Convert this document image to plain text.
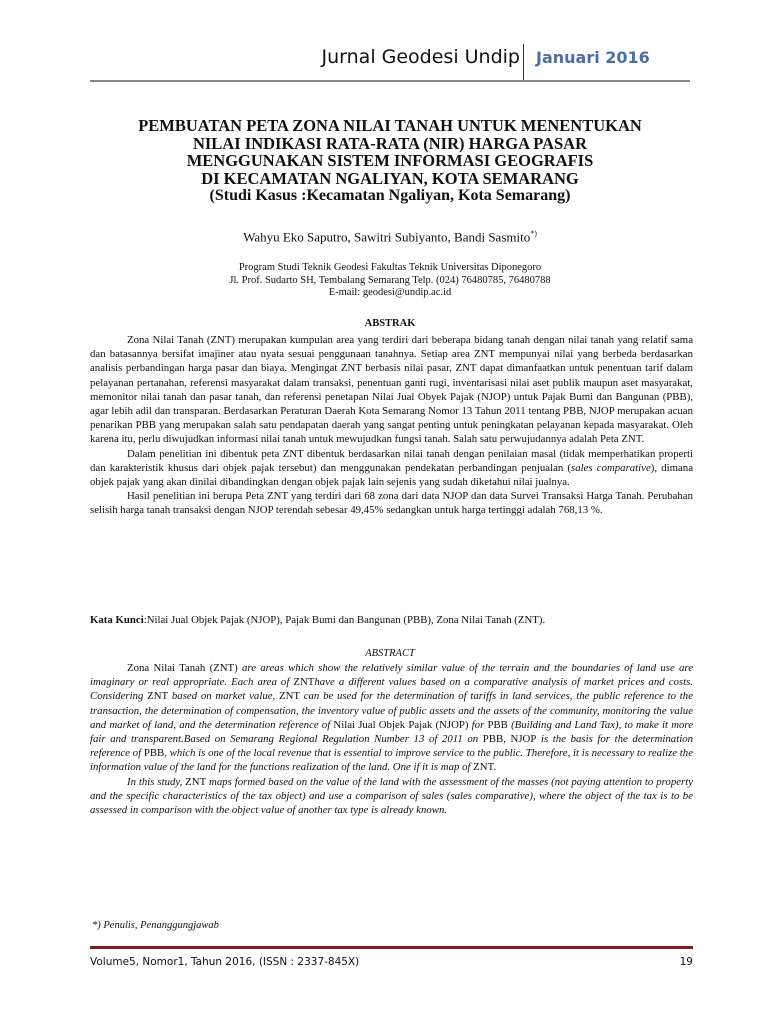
Jurnal Geodesi Undip Januari 2016
PEMBUATAN PETA ZONA NILAI TANAH UNTUK MENENTUKAN
NILAI INDIKASI RATA-RATA (NIR) HARGA PASAR
MENGGUNAKAN SISTEM INFORMASI GEOGRAFIS
DI KECAMATAN NGALIYAN, KOTA SEMARANG
(Studi Kasus :Kecamatan Ngaliyan, Kota Semarang)
Wahyu Eko Saputro, Sawitri Subiyanto, Bandi Sasmito*)
Program Studi Teknik Geodesi Fakultas Teknik Universitas Diponegoro
Jl. Prof. Sudarto SH, Tembalang Semarang Telp. (024) 76480785, 76480788
E-mail: geodesi@undip.ac.id
ABSTRAK

Zona Nilai Tanah (ZNT) merupakan kumpulan area yang terdiri dari beberapa bidang tanah dengan nilai tanah yang relatif sama dan batasannya bersifat imajiner atau nyata sesuai penggunaan tanahnya. Setiap area ZNT mempunyai nilai yang berbeda berdasarkan analisis perbandingan harga pasar dan biaya. Mengingat ZNT berbasis nilai pasar, ZNT dapat dimanfaatkan untuk penentuan tarif dalam pelayanan pertanahan, referensi masyarakat dalam transaksi, penentuan ganti rugi, inventarisasi nilai aset publik maupun aset masyarakat, memonitor nilai tanah dan pasar tanah, dan referensi penetapan Nilai Jual Obyek Pajak (NJOP) untuk Pajak Bumi dan Bangunan (PBB), agar lebih adil dan transparan. Berdasarkan Peraturan Daerah Kota Semarang Nomor 13 Tahun 2011 tentang PBB, NJOP merupakan acuan penarikan PBB yang merupakan salah satu pendapatan daerah yang sangat penting untuk peningkatan pelayanan kepada masyarakat. Oleh karena itu, perlu diwujudkan informasi nilai tanah untuk mewujudkan fungsi tanah. Salah satu perwujudannya adalah Peta ZNT.

Dalam penelitian ini dibentuk peta ZNT dibentuk berdasarkan nilai tanah dengan penilaian masal (tidak memperhatikan properti dan karakteristik khusus dari objek pajak tersebut) dan menggunakan pendekatan perbandingan penjualan (sales comparative), dimana objek pajak yang akan dinilai dibandingkan dengan objek pajak lain sejenis yang sudah diketahui nilai jualnya.

Hasil penelitian ini berupa Peta ZNT yang terdiri dari 68 zona dari data NJOP dan data Survei Transaksi Harga Tanah. Perubahan selisih harga tanah transaksi dengan NJOP terendah sebesar 49,45% sedangkan untuk harga tertinggi adalah 768,13 %.

Kata Kunci:Nilai Jual Objek Pajak (NJOP), Pajak Bumi dan Bangunan (PBB), Zona Nilai Tanah (ZNT).
ABSTRACT

Zona Nilai Tanah (ZNT) are areas which show the relatively similar value of the terrain and the boundaries of land use are imaginary or real appropriate. Each area of ZNThave a different values based on a comparative analysis of market prices and costs. Considering ZNT based on market value, ZNT can be used for the determination of tariffs in land services, the public reference to the transaction, the determination of compensation, the inventory value of public assets and the assets of the community, monitoring the value and market of land, and the determination reference of Nilai Jual Objek Pajak (NJOP) for PBB (Building and Land Tax), to make it more fair and transparent.Based on Semarang Regional Regulation Number 13 of 2011 on PBB, NJOP is the basis for the determination reference of PBB, which is one of the local revenue that is essential to improve service to the public. Therefore, it is necessary to realize the information value of the land for the functions realization of the land. One if it is map of ZNT.

In this study, ZNT maps formed based on the value of the land with the assessment of the masses (not paying attention to property and the specific characteristics of the tax object) and use a comparison of sales (sales comparative), where the object of the tax is to be assessed in comparison with the object value of another tax type is already known.

*) Penulis, Penanggungjawab
Volume5, Nomor1, Tahun 2016, (ISSN : 2337-845X)	19
